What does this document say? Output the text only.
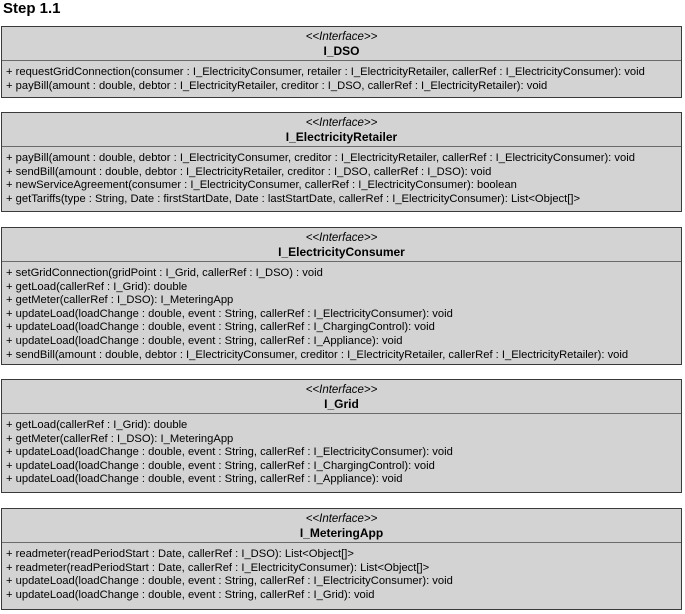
Step 1.1
<<Interface>>
I_DSO
+ requestGridConnection(consumer : I_ElectricityConsumer, retailer : I_ElectricityRetailer, callerRef : I_ElectricityConsumer): void
+ payBill(amount : double, debtor : I_ElectricityRetailer, creditor : I_DSO, callerRef : I_ElectricityRetailer): void
<<Interface>>
I_ElectricityRetailer
+ payBill(amount : double, debtor : I_ElectricityConsumer, creditor : I_ElectricityRetailer, callerRef : I_ElectricityConsumer): void
+ sendBill(amount : double, debtor : I_ElectricityRetailer, creditor : I_DSO, callerRef : I_DSO): void
+ newServiceAgreement(consumer : I_ElectricityConsumer, callerRef : I_ElectricityConsumer): boolean
+ getTariffs(type : String, Date : firstStartDate, Date : lastStartDate, callerRef : I_ElectricityConsumer): List<Object[]>
<<Interface>>
I_ElectricityConsumer
+ setGridConnection(gridPoint : I_Grid, callerRef : I_DSO) : void
+ getLoad(callerRef : I_Grid): double
+ getMeter(callerRef : I_DSO): I_MeteringApp
+ updateLoad(loadChange : double, event : String, callerRef : I_ElectricityConsumer): void
+ updateLoad(loadChange : double, event : String, callerRef : I_ChargingControl): void
+ updateLoad(loadChange : double, event : String, callerRef : I_Appliance): void
+ sendBill(amount : double, debtor : I_ElectricityConsumer, creditor : I_ElectricityRetailer, callerRef : I_ElectricityRetailer): void
<<Interface>>
I_Grid
+ getLoad(callerRef : I_Grid): double
+ getMeter(callerRef : I_DSO): I_MeteringApp
+ updateLoad(loadChange : double, event : String, callerRef : I_ElectricityConsumer): void
+ updateLoad(loadChange : double, event : String, callerRef : I_ChargingControl): void
+ updateLoad(loadChange : double, event : String, callerRef : I_Appliance): void
<<Interface>>
I_MeteringApp
+ readmeter(readPeriodStart : Date, callerRef : I_DSO): List<Object[]>
+ readmeter(readPeriodStart : Date, callerRef : I_ElectricityConsumer): List<Object[]>
+ updateLoad(loadChange : double, event : String, callerRef : I_ElectricityConsumer): void
+ updateLoad(loadChange : double, event : String, callerRef : I_Grid): void
